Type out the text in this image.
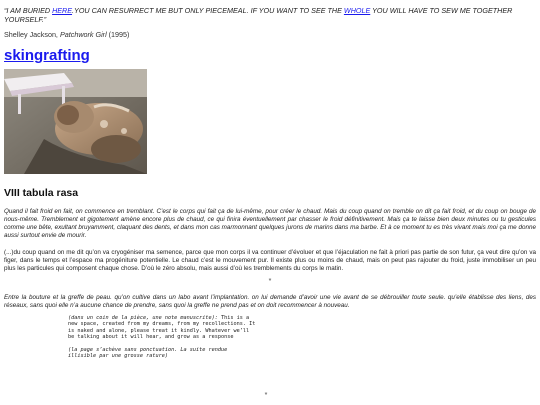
“I AM BURIED HERE.YOU CAN RESURRECT ME BUT ONLY PIECEMEAL. IF YOU WANT TO SEE THE WHOLE YOU WILL HAVE TO SEW ME TOGETHER YOURSELF.”

Shelley Jackson, Patchwork Girl (1995)

skingrafting
VIII tabula rasa

Quand il fait froid en fait, on commence en tremblant. C’est le corps qui fait ça de lui-même, pour créer le chaud. Mais du coup quand on tremble on dit ça fait froid, et du coup on bouge de nous-même. Tremblement et gigotement amène encore plus de chaud, ce qui finira éventuellement par chasser le froid définitivement. Mais ça te laisse bien deux minutes ou tu gesticules comme une bête, exultant bruyamment, claquant des dents, et dans mon cas marmonnant quelques jurons de marins dans ma barbe. Et à ce moment tu es très vivant mais moi ça me donne aussi surtout envie de mourir.

(...)du coup quand on me dit qu’on va cryogéniser ma semence, parce que mon corps il va continuer d’évoluer et que l’éjaculation ne fait à priori pas partie de son futur, ça veut dire qu’on va figer, dans le temps et l’espace ma progéniture potentielle. Le chaud c’est le mouvement pur. Il existe plus ou moins de chaud, mais on peut pas rajouter du froid, juste immobiliser un peu plus les particules qui composent chaque chose. D’où le zéro absolu, mais aussi d’où les tremblements du corps le matin.

*

Entre la bouture et la greffe de peau. qu’on cultive dans un labo avant l’implantation. on lui demande d’avoir une vie avant de se débrouiller toute seule. qu’elle établisse des liens, des réseaux, sans quoi elle n’a aucune chance de prendre, sans quoi la greffe ne prend pas et on doit recommencer à nouveau.

(dans un coin de la pièce, une note manuscrite): This is a new space, created from my dreams, from my recollections. It is naked and alone, please treat it kindly. Whatever we’ll be talking about it will hear, and grow as a response

(la page s’achève sans ponctuation. La suite rendue illisible par une grosse rature)

*
